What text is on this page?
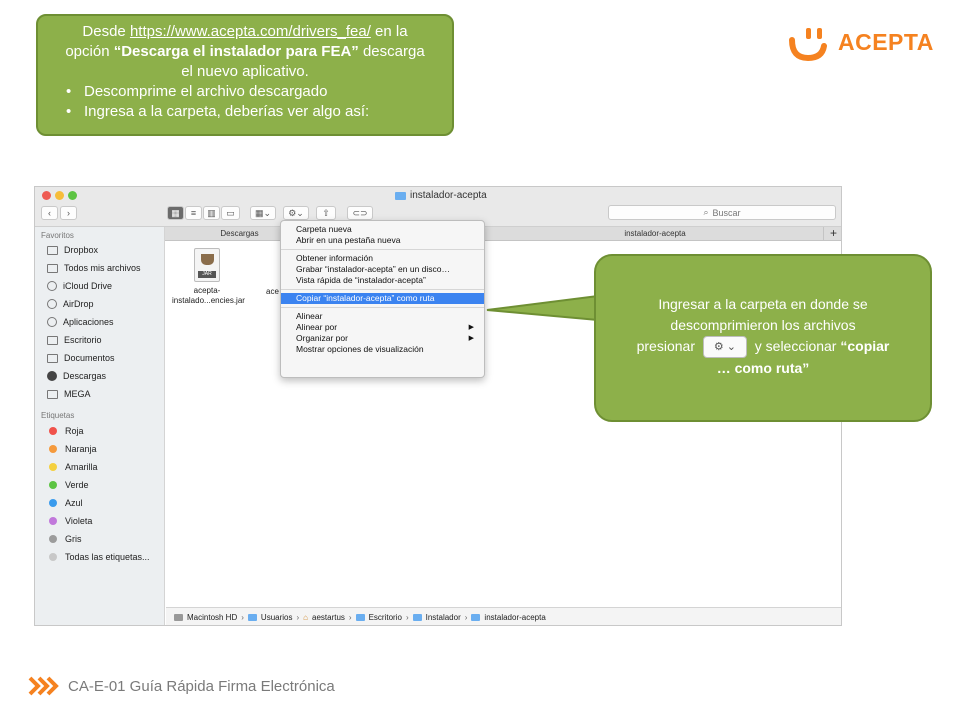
Desde https://www.acepta.com/drivers_fea/ en la
opción “Descarga el instalador para FEA” descarga
el nuevo aplicativo.
• Descomprime el archivo descargado
• Ingresa a la carpeta, deberías ver algo así:
ACEPTA
instalador-acepta
‹ ›	▦ ≡ ▥ ▭ ▦⌄ ⚙⌄ ⇧	⊂⊃	⌕ Buscar
Descargas	instalador-acepta	+
Favoritos
Dropbox
Todos mis archivos
iCloud Drive
AirDrop
Aplicaciones
Escritorio
Documentos
Descargas
MEGA
Etiquetas
Roja
Naranja
Amarilla
Verde
Azul
Violeta
Gris
Todas las etiquetas...
JAR
acepta-
instalado...encies.jar
ace
Macintosh HD › Usuarios › ⌂ aestartus › Escritorio › Instalador › instalador-acepta
Carpeta nueva
Abrir en una pestaña nueva
Obtener información
Grabar “instalador-acepta” en un disco…
Vista rápida de “instalador-acepta”
Copiar “instalador-acepta” como ruta
Alinear
Alinear por	▶
Organizar por	▶
Mostrar opciones de visualización
Ingresar a la carpeta en donde se
descomprimieron los archivos
presionar ⚙ ⌄ y seleccionar “copiar
… como ruta”
CA-E-01 Guía Rápida Firma Electrónica
